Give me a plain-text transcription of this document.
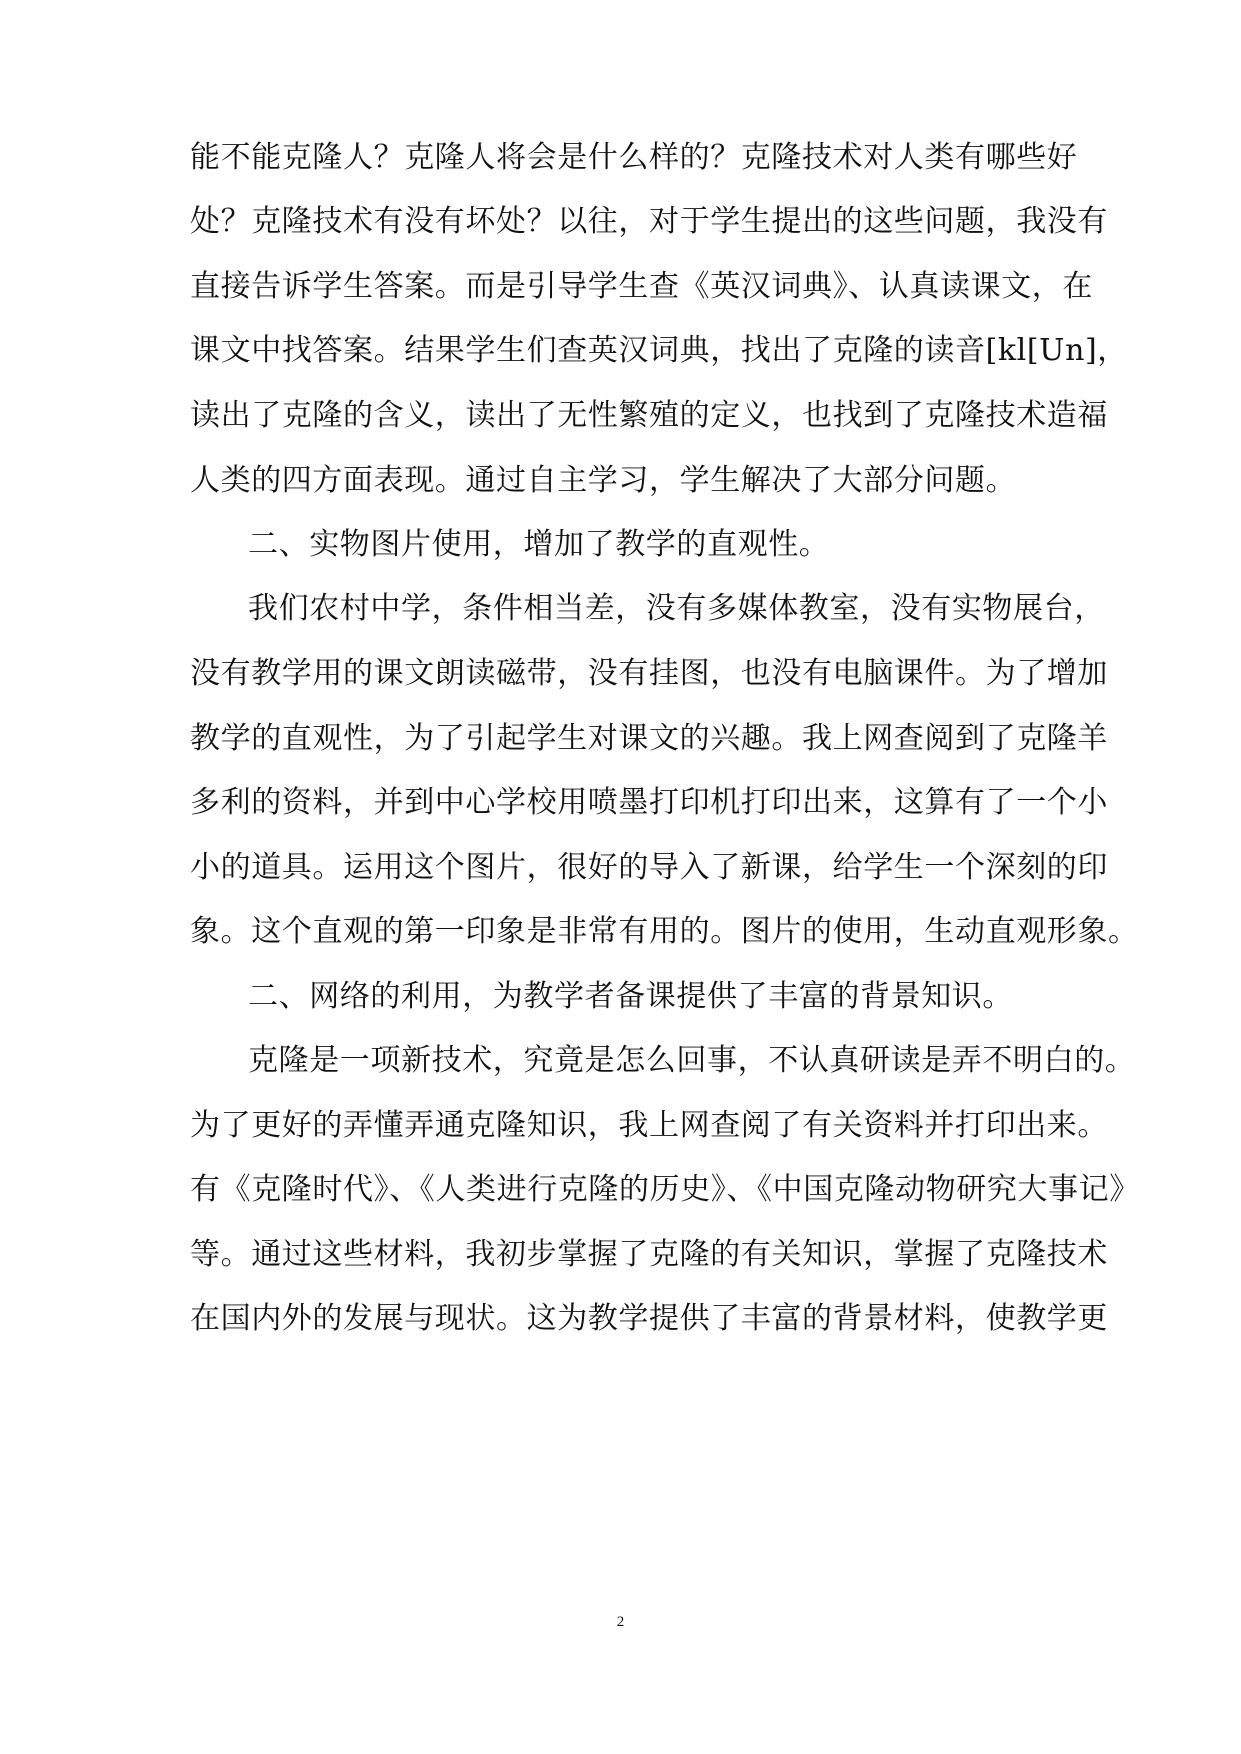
能不能克隆人？克隆人将会是什么样的？克隆技术对人类有哪些好
处？克隆技术有没有坏处？以往，对于学生提出的这些问题，我没有
直接告诉学生答案。而是引导学生查《英汉词典》、认真读课文，在
课文中找答案。结果学生们查英汉词典，找出了克隆的读音[kl[Un]，
读出了克隆的含义，读出了无性繁殖的定义，也找到了克隆技术造福
人类的四方面表现。通过自主学习，学生解决了大部分问题。
二、实物图片使用，增加了教学的直观性。
我们农村中学，条件相当差，没有多媒体教室，没有实物展台，
没有教学用的课文朗读磁带，没有挂图，也没有电脑课件。为了增加
教学的直观性，为了引起学生对课文的兴趣。我上网查阅到了克隆羊
多利的资料，并到中心学校用喷墨打印机打印出来，这算有了一个小
小的道具。运用这个图片，很好的导入了新课，给学生一个深刻的印
象。这个直观的第一印象是非常有用的。图片的使用，生动直观形象。
二、网络的利用，为教学者备课提供了丰富的背景知识。
克隆是一项新技术，究竟是怎么回事，不认真研读是弄不明白的。
为了更好的弄懂弄通克隆知识，我上网查阅了有关资料并打印出来。
有《克隆时代》、《人类进行克隆的历史》、《中国克隆动物研究大事记》
等。通过这些材料，我初步掌握了克隆的有关知识，掌握了克隆技术
在国内外的发展与现状。这为教学提供了丰富的背景材料，使教学更
2
